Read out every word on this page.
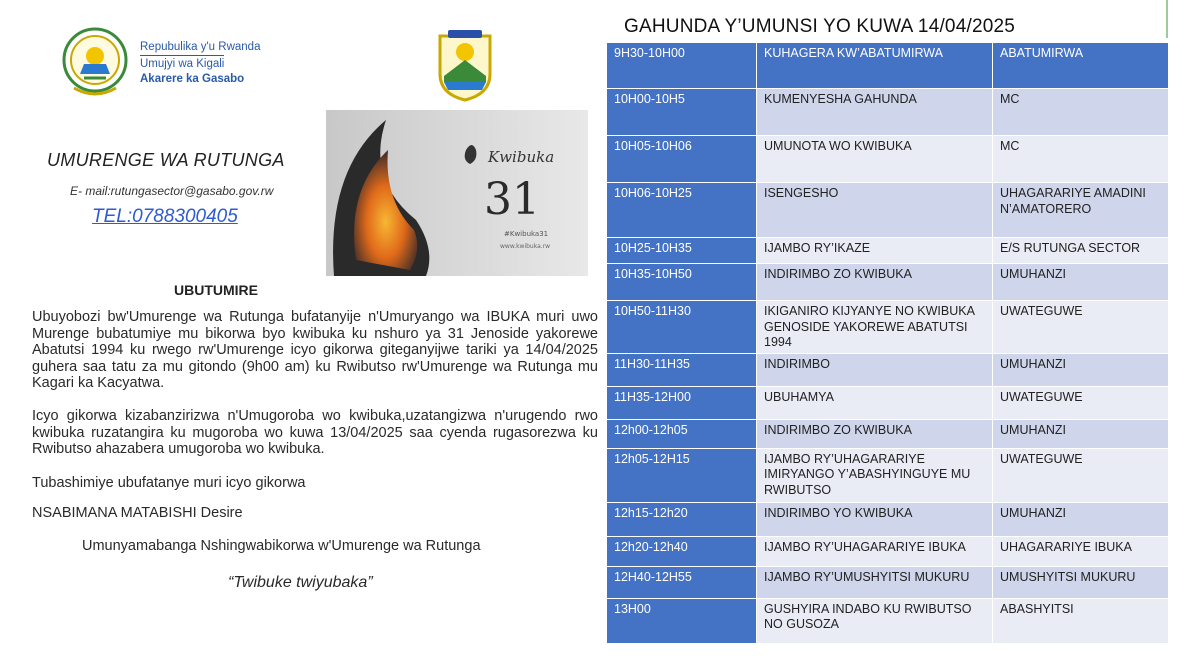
Repubulika y'u Rwanda
Umujyi wa Kigali
Akarere ka Gasabo
UMURENGE WA RUTUNGA
E- mail:rutungasector@gasabo.gov.rw
TEL:0788300405
Kwibuka
31
#Kwibuka31
www.kwibuka.rw
UBUTUMIRE
Ubuyobozi bw'Umurenge wa Rutunga bufatanyije n'Umuryango wa IBUKA muri uwo Murenge bubatumiye mu bikorwa byo kwibuka ku nshuro ya 31 Jenoside yakorewe Abatutsi 1994 ku rwego rw'Umurenge icyo gikorwa giteganyijwe tariki ya 14/04/2025 guhera saa tatu za mu gitondo (9h00 am) ku Rwibutso rw'Umurenge wa Rutunga mu Kagari ka Kacyatwa.
Icyo gikorwa kizabanzirizwa n'Umugoroba wo kwibuka,uzatangizwa n'urugendo rwo kwibuka ruzatangira ku mugoroba wo kuwa 13/04/2025 saa cyenda rugasorezwa ku Rwibutso ahazabera umugoroba wo kwibuka.
Tubashimiye ubufatanye muri icyo gikorwa
NSABIMANA MATABISHI Desire
Umunyamabanga Nshingwabikorwa w'Umurenge wa Rutunga
“Twibuke twiyubaka”
GAHUNDA Y’UMUNSI YO KUWA 14/04/2025
9H30-10H00	KUHAGERA KW’ABATUMIRWA	ABATUMIRWA
10H00-10H5	KUMENYESHA GAHUNDA	MC
10H05-10H06	UMUNOTA WO KWIBUKA	MC
10H06-10H25	ISENGESHO	UHAGARARIYE AMADINI N’AMATORERO
10H25-10H35	IJAMBO RY’IKAZE	E/S RUTUNGA SECTOR
10H35-10H50	INDIRIMBO ZO KWIBUKA	UMUHANZI
10H50-11H30	IKIGANIRO KIJYANYE NO KWIBUKA GENOSIDE YAKOREWE ABATUTSI 1994	UWATEGUWE
11H30-11H35	INDIRIMBO	UMUHANZI
11H35-12H00	UBUHAMYA	UWATEGUWE
12h00-12h05	INDIRIMBO ZO KWIBUKA	UMUHANZI
12h05-12H15	IJAMBO RY’UHAGARARIYE IMIRYANGO Y’ABASHYINGUYE MU RWIBUTSO	UWATEGUWE
12h15-12h20	INDIRIMBO YO KWIBUKA	UMUHANZI
12h20-12h40	IJAMBO RY’UHAGARARIYE IBUKA	UHAGARARIYE IBUKA
12H40-12H55	IJAMBO RY’UMUSHYITSI MUKURU	UMUSHYITSI MUKURU
13H00	GUSHYIRA INDABO KU RWIBUTSO NO GUSOZA	ABASHYITSI
